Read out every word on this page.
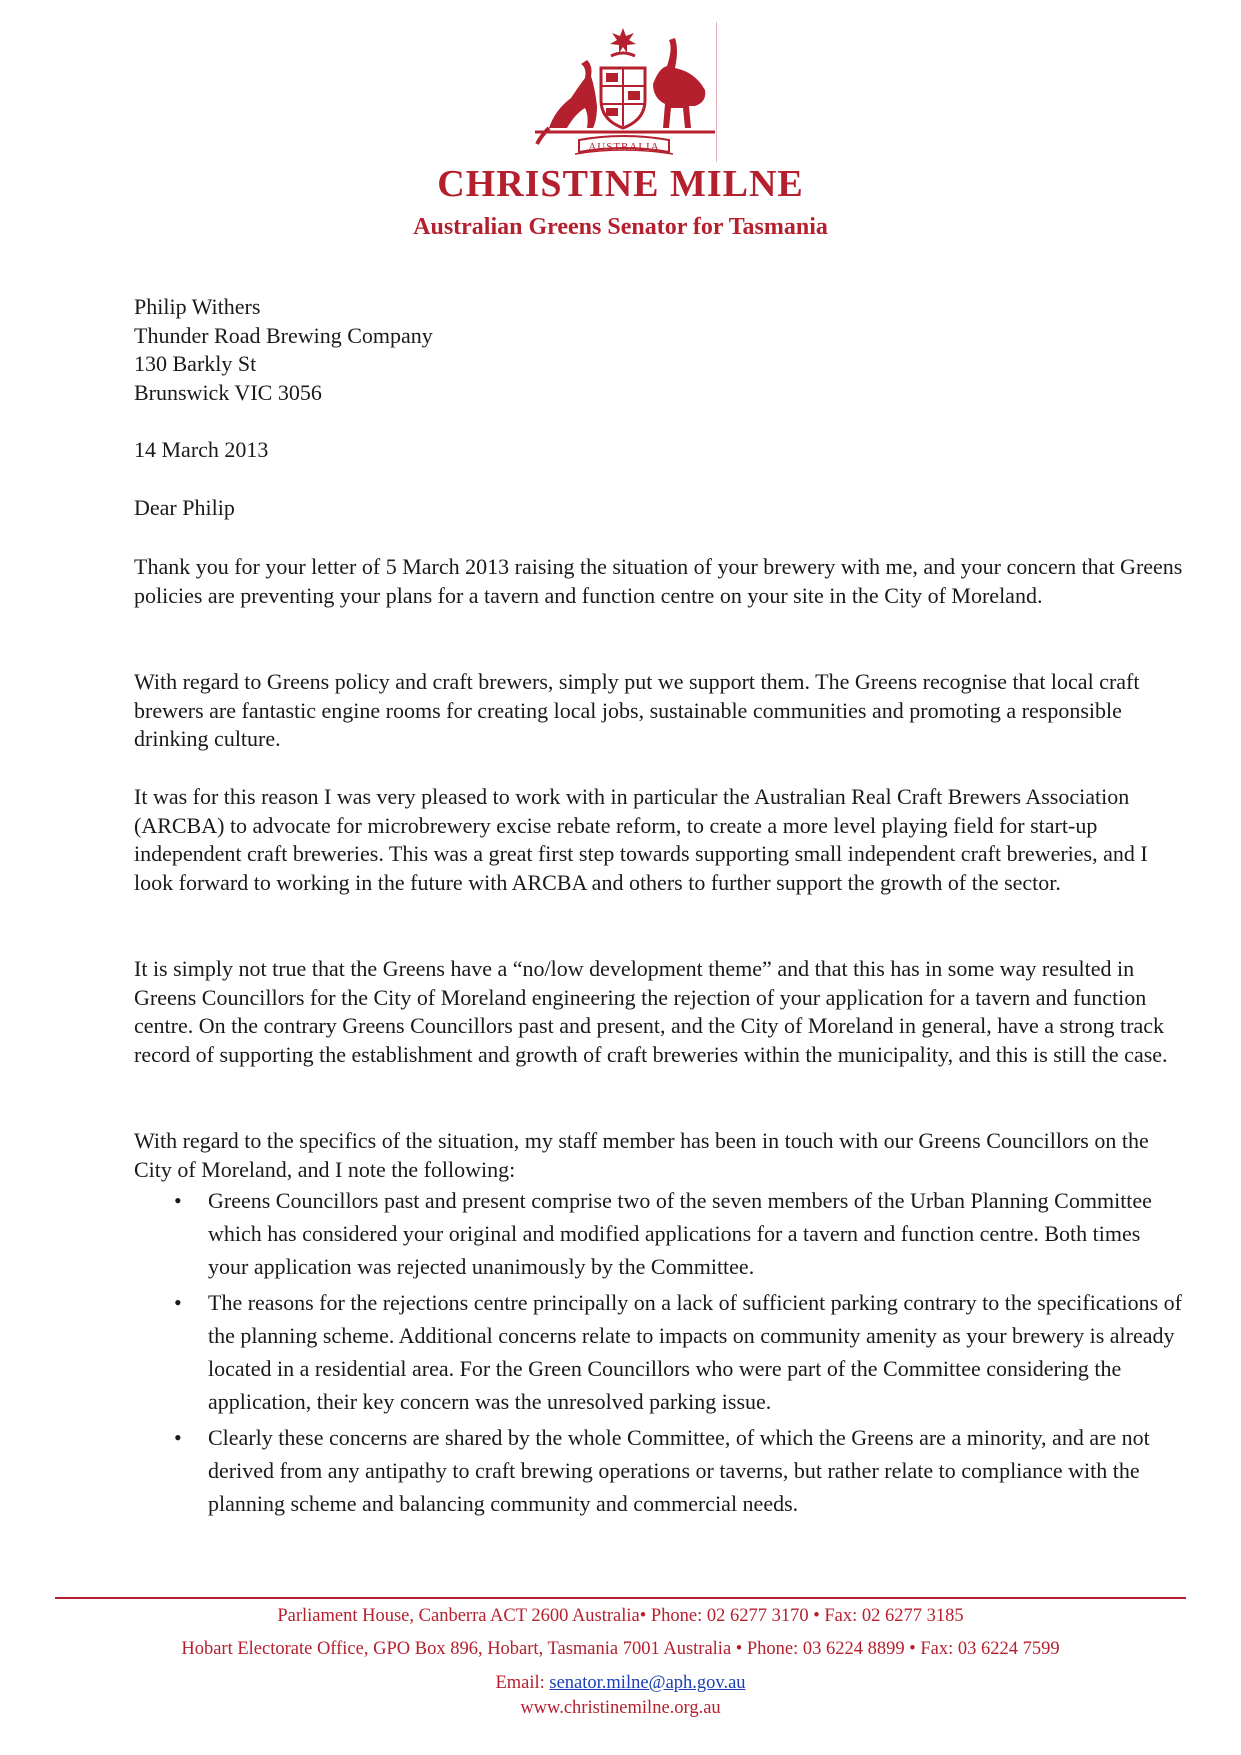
AUSTRALIA
CHRISTINE MILNE
Australian Greens Senator for Tasmania
Philip Withers
Thunder Road Brewing Company
130 Barkly St
Brunswick VIC 3056
14 March 2013
Dear Philip
Thank you for your letter of 5 March 2013 raising the situation of your brewery with me, and your concern that Greens policies are preventing your plans for a tavern and function centre on your site in the City of Moreland.
With regard to Greens policy and craft brewers, simply put we support them. The Greens recognise that local craft brewers are fantastic engine rooms for creating local jobs, sustainable communities and promoting a responsible drinking culture.
It was for this reason I was very pleased to work with in particular the Australian Real Craft Brewers Association (ARCBA) to advocate for microbrewery excise rebate reform, to create a more level playing field for start-up independent craft breweries. This was a great first step towards supporting small independent craft breweries, and I look forward to working in the future with ARCBA and others to further support the growth of the sector.
It is simply not true that the Greens have a “no/low development theme” and that this has in some way resulted in Greens Councillors for the City of Moreland engineering the rejection of your application for a tavern and function centre. On the contrary Greens Councillors past and present, and the City of Moreland in general, have a strong track record of supporting the establishment and growth of craft breweries within the municipality, and this is still the case.
With regard to the specifics of the situation, my staff member has been in touch with our Greens Councillors on the City of Moreland, and I note the following:
• Greens Councillors past and present comprise two of the seven members of the Urban Planning Committee which has considered your original and modified applications for a tavern and function centre. Both times your application was rejected unanimously by the Committee.
• The reasons for the rejections centre principally on a lack of sufficient parking contrary to the specifications of the planning scheme. Additional concerns relate to impacts on community amenity as your brewery is already located in a residential area. For the Green Councillors who were part of the Committee considering the application, their key concern was the unresolved parking issue.
• Clearly these concerns are shared by the whole Committee, of which the Greens are a minority, and are not derived from any antipathy to craft brewing operations or taverns, but rather relate to compliance with the planning scheme and balancing community and commercial needs.
Parliament House, Canberra ACT 2600 Australia• Phone: 02 6277 3170 • Fax: 02 6277 3185
Hobart Electorate Office, GPO Box 896, Hobart, Tasmania 7001 Australia • Phone: 03 6224 8899 • Fax: 03 6224 7599
Email: senator.milne@aph.gov.au
www.christinemilne.org.au
